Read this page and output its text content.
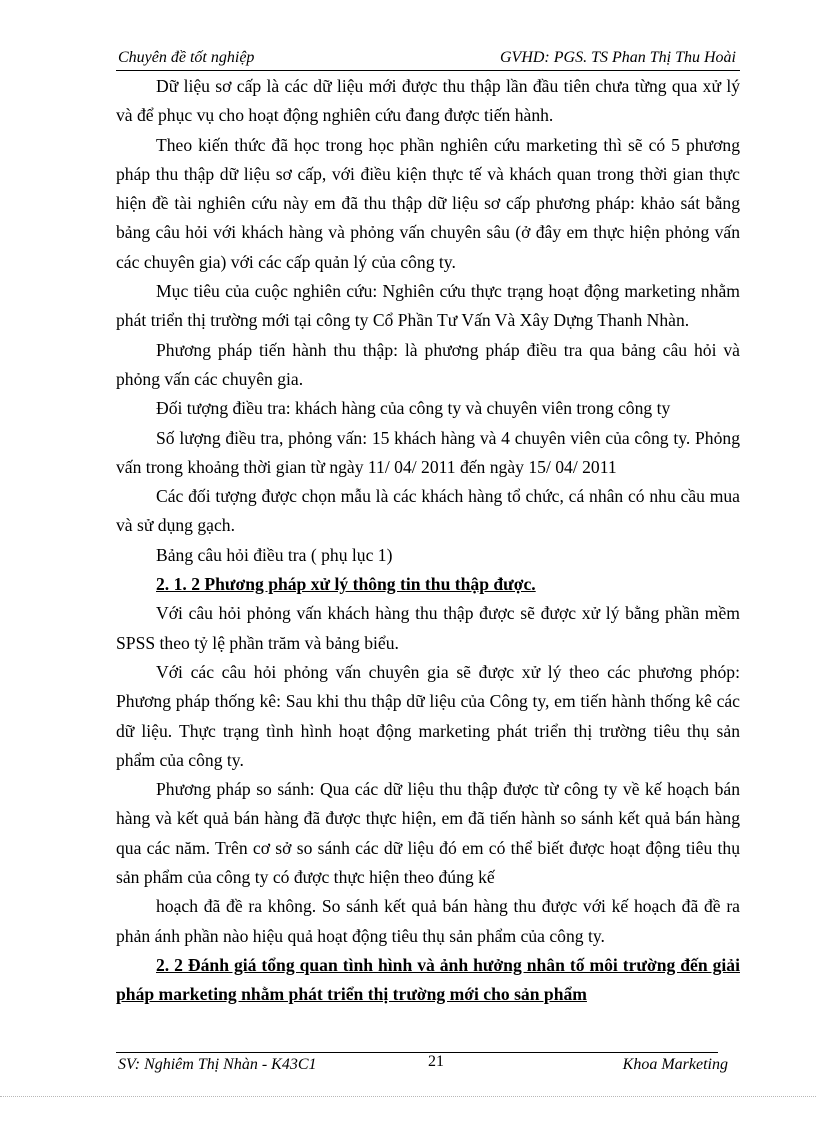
Chuyên đề tốt nghiệp	GVHD: PGS. TS Phan Thị Thu Hoài

Dữ liệu sơ cấp là các dữ liệu mới được thu thập lần đầu tiên chưa từng qua xử lý và để phục vụ cho hoạt động nghiên cứu đang được tiến hành.

Theo kiến thức đã học trong học phần nghiên cứu marketing thì sẽ có 5 phương pháp thu thập dữ liệu sơ cấp, với điều kiện thực tế và khách quan trong thời gian thực hiện đề tài nghiên cứu này em đã thu thập dữ liệu sơ cấp phương pháp: khảo sát bằng bảng câu hỏi với khách hàng và phỏng vấn chuyên sâu (ở đây em thực hiện phỏng vấn các chuyên gia) với các cấp quản lý của công ty.

Mục tiêu của cuộc nghiên cứu: Nghiên cứu thực trạng hoạt động marketing nhằm phát triển thị trường mới tại công ty Cổ Phần Tư Vấn Và Xây Dựng Thanh Nhàn.

Phương pháp tiến hành thu thập: là phương pháp điều tra qua bảng câu hỏi và phỏng vấn các chuyên gia.

Đối tượng điều tra: khách hàng của công ty và chuyên viên trong công ty

Số lượng điều tra, phỏng vấn: 15 khách hàng và 4 chuyên viên của công ty. Phỏng vấn trong khoảng thời gian từ ngày 11/ 04/ 2011 đến ngày 15/ 04/ 2011

Các đối tượng được chọn mẫu là các khách hàng tổ chức, cá nhân có nhu cầu mua và sử dụng gạch.

Bảng câu hỏi điều tra ( phụ lục 1)

2. 1. 2 Phương pháp xử lý thông tin thu thập được.

Với câu hỏi phỏng vấn khách hàng thu thập được sẽ được xử lý bằng phần mềm SPSS theo tỷ lệ phần trăm và bảng biểu.

Với các câu hỏi phỏng vấn chuyên gia sẽ được xử lý theo các phương phóp: Phương pháp thống kê: Sau khi thu thập dữ liệu của Công ty, em tiến hành thống kê các dữ liệu. Thực trạng tình hình hoạt động marketing phát triển thị trường tiêu thụ sản phẩm của công ty.

Phương pháp so sánh: Qua các dữ liệu thu thập được từ công ty về kế hoạch bán hàng và kết quả bán hàng đã được thực hiện, em đã tiến hành so sánh kết quả bán hàng qua các năm. Trên cơ sở so sánh các dữ liệu đó em có thể biết được hoạt động tiêu thụ sản phẩm của công ty có được thực hiện theo đúng kế

hoạch đã đề ra không. So sánh kết quả bán hàng thu được với kế hoạch đã đề ra phản ánh phần nào hiệu quả hoạt động tiêu thụ sản phẩm của công ty.

2. 2 Đánh giá tổng quan tình hình và ảnh hưởng nhân tố môi trường đến giải pháp marketing nhằm phát triển thị trường mới cho sản phẩm

SV: Nghiêm Thị Nhàn - K43C1	21	Khoa Marketing
